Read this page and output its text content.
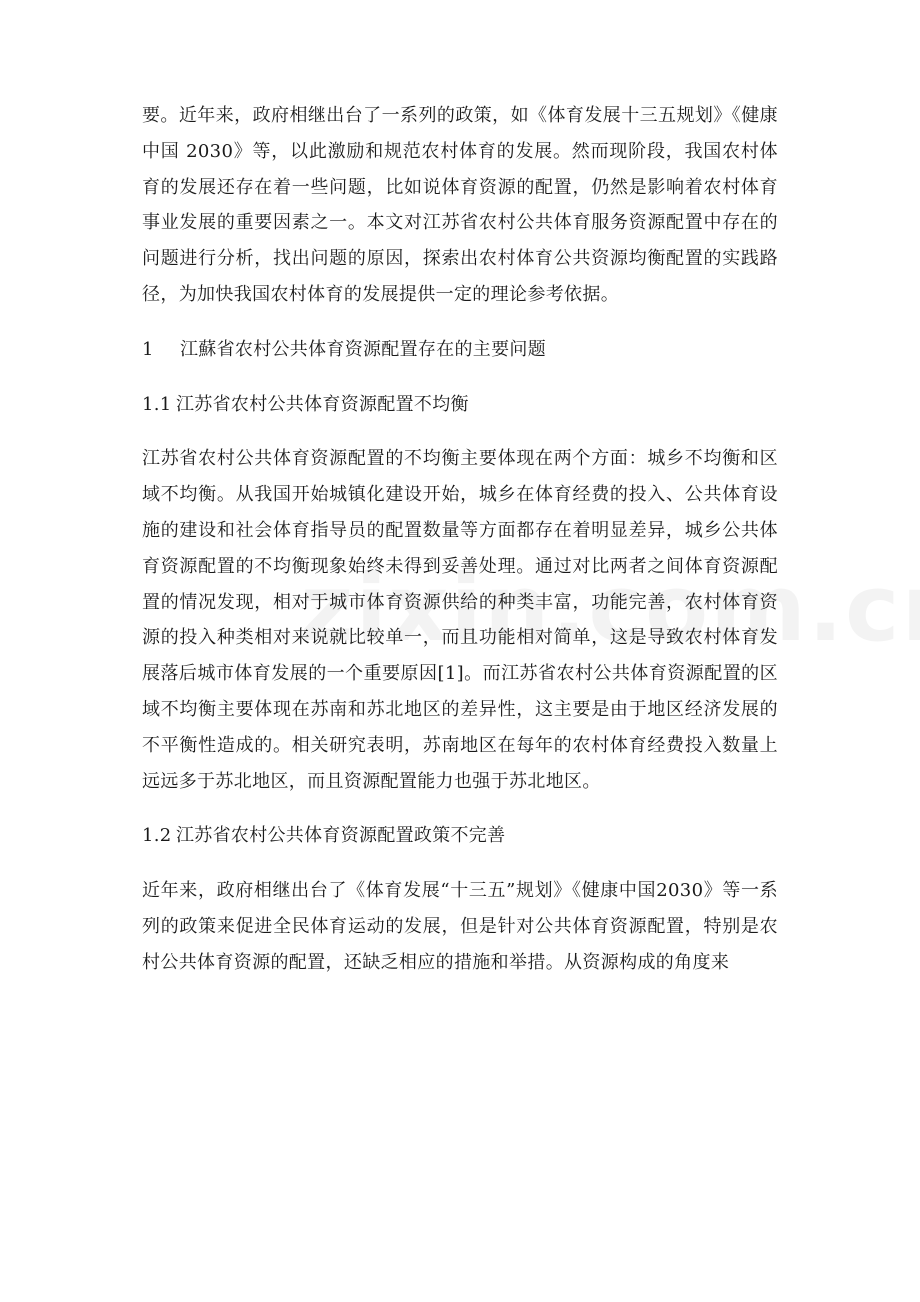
要。近年来，政府相继出台了一系列的政策，如《体育发展十三五规划》《健康中国 2030》等，以此激励和规范农村体育的发展。然而现阶段，我国农村体育的发展还存在着一些问题，比如说体育资源的配置，仍然是影响着农村体育事业发展的重要因素之一。本文对江苏省农村公共体育服务资源配置中存在的问题进行分析，找出问题的原因，探索出农村体育公共资源均衡配置的实践路径，为加快我国农村体育的发展提供一定的理论参考依据。

1 江蘇省农村公共体育资源配置存在的主要问题

1.1 江苏省农村公共体育资源配置不均衡

江苏省农村公共体育资源配置的不均衡主要体现在两个方面：城乡不均衡和区域不均衡。从我国开始城镇化建设开始，城乡在体育经费的投入、公共体育设施的建设和社会体育指导员的配置数量等方面都存在着明显差异，城乡公共体育资源配置的不均衡现象始终未得到妥善处理。通过对比两者之间体育资源配置的情况发现，相对于城市体育资源供给的种类丰富，功能完善，农村体育资源的投入种类相对来说就比较单一，而且功能相对简单，这是导致农村体育发展落后城市体育发展的一个重要原因[1]。而江苏省农村公共体育资源配置的区域不均衡主要体现在苏南和苏北地区的差异性，这主要是由于地区经济发展的不平衡性造成的。相关研究表明，苏南地区在每年的农村体育经费投入数量上远远多于苏北地区，而且资源配置能力也强于苏北地区。

1.2 江苏省农村公共体育资源配置政策不完善

近年来，政府相继出台了《体育发展“十三五”规划》《健康中国2030》等一系列的政策来促进全民体育运动的发展，但是针对公共体育资源配置，特别是农村公共体育资源的配置，还缺乏相应的措施和举措。从资源构成的角度来
